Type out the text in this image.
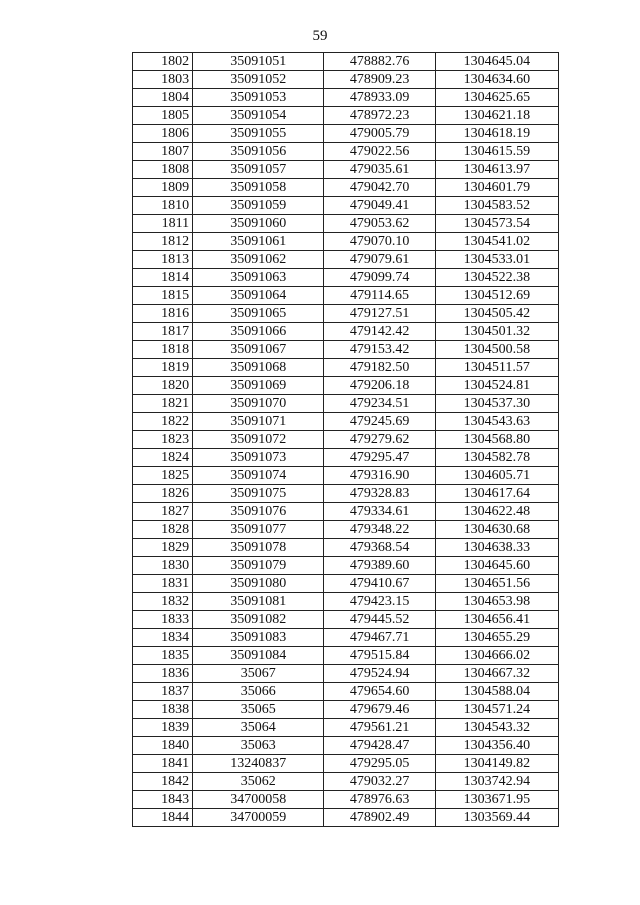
59
1802	35091051	478882.76	1304645.04
1803	35091052	478909.23	1304634.60
1804	35091053	478933.09	1304625.65
1805	35091054	478972.23	1304621.18
1806	35091055	479005.79	1304618.19
1807	35091056	479022.56	1304615.59
1808	35091057	479035.61	1304613.97
1809	35091058	479042.70	1304601.79
1810	35091059	479049.41	1304583.52
1811	35091060	479053.62	1304573.54
1812	35091061	479070.10	1304541.02
1813	35091062	479079.61	1304533.01
1814	35091063	479099.74	1304522.38
1815	35091064	479114.65	1304512.69
1816	35091065	479127.51	1304505.42
1817	35091066	479142.42	1304501.32
1818	35091067	479153.42	1304500.58
1819	35091068	479182.50	1304511.57
1820	35091069	479206.18	1304524.81
1821	35091070	479234.51	1304537.30
1822	35091071	479245.69	1304543.63
1823	35091072	479279.62	1304568.80
1824	35091073	479295.47	1304582.78
1825	35091074	479316.90	1304605.71
1826	35091075	479328.83	1304617.64
1827	35091076	479334.61	1304622.48
1828	35091077	479348.22	1304630.68
1829	35091078	479368.54	1304638.33
1830	35091079	479389.60	1304645.60
1831	35091080	479410.67	1304651.56
1832	35091081	479423.15	1304653.98
1833	35091082	479445.52	1304656.41
1834	35091083	479467.71	1304655.29
1835	35091084	479515.84	1304666.02
1836	35067	479524.94	1304667.32
1837	35066	479654.60	1304588.04
1838	35065	479679.46	1304571.24
1839	35064	479561.21	1304543.32
1840	35063	479428.47	1304356.40
1841	13240837	479295.05	1304149.82
1842	35062	479032.27	1303742.94
1843	34700058	478976.63	1303671.95
1844	34700059	478902.49	1303569.44
